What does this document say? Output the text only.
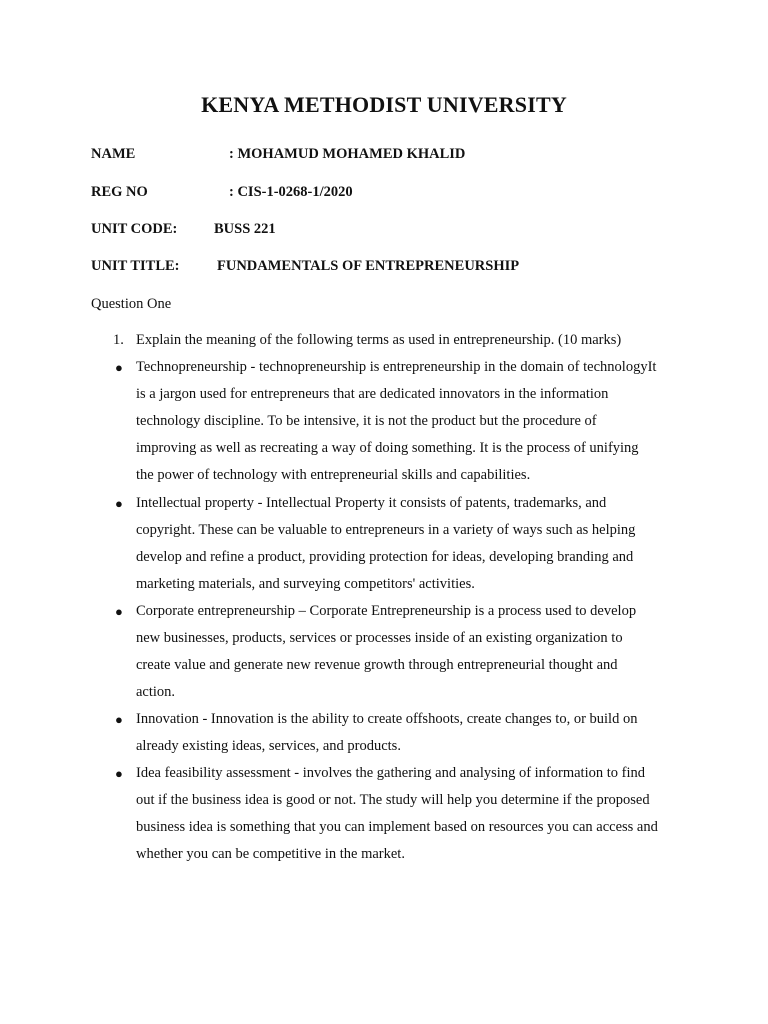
KENYA METHODIST UNIVERSITY
NAME	: MOHAMUD MOHAMED KHALID
REG NO	: CIS-1-0268-1/2020
UNIT CODE:	BUSS 221
UNIT TITLE:	FUNDAMENTALS OF ENTREPRENEURSHIP
Question One
1. Explain the meaning of the following terms as used in entrepreneurship. (10 marks)
● Technopreneurship - technopreneurship is entrepreneurship in the domain of technologyIt
is a jargon used for entrepreneurs that are dedicated innovators in the information
technology discipline. To be intensive, it is not the product but the procedure of
improving as well as recreating a way of doing something. It is the process of unifying
the power of technology with entrepreneurial skills and capabilities.
● Intellectual property - Intellectual Property it consists of patents, trademarks, and
copyright. These can be valuable to entrepreneurs in a variety of ways such as helping
develop and refine a product, providing protection for ideas, developing branding and
marketing materials, and surveying competitors' activities.
● Corporate entrepreneurship – Corporate Entrepreneurship is a process used to develop
new businesses, products, services or processes inside of an existing organization to
create value and generate new revenue growth through entrepreneurial thought and
action.
● Innovation - Innovation is the ability to create offshoots, create changes to, or build on
already existing ideas, services, and products.
● Idea feasibility assessment - involves the gathering and analysing of information to find
out if the business idea is good or not. The study will help you determine if the proposed
business idea is something that you can implement based on resources you can access and
whether you can be competitive in the market.
